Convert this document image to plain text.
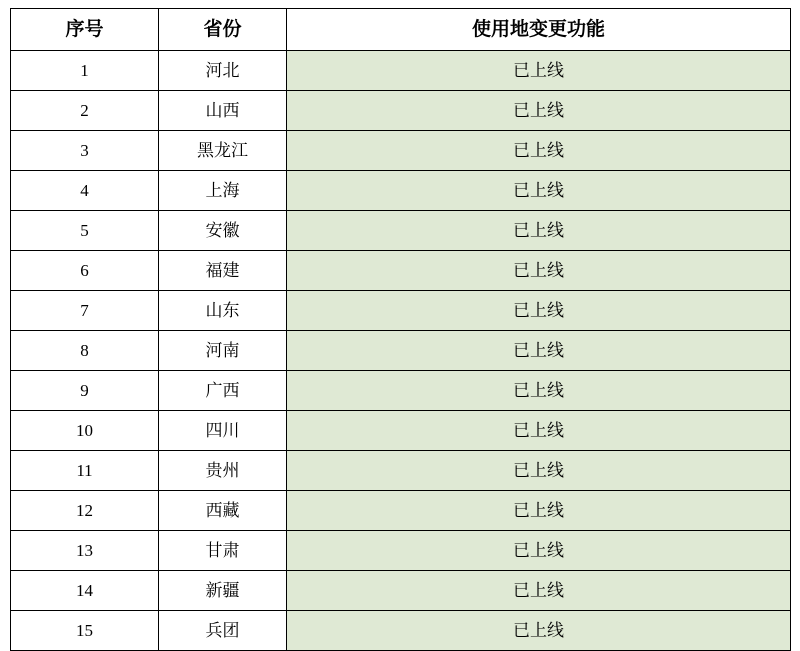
序号	省份	使用地变更功能
1	河北	已上线
2	山西	已上线
3	黑龙江	已上线
4	上海	已上线
5	安徽	已上线
6	福建	已上线
7	山东	已上线
8	河南	已上线
9	广西	已上线
10	四川	已上线
11	贵州	已上线
12	西藏	已上线
13	甘肃	已上线
14	新疆	已上线
15	兵团	已上线
